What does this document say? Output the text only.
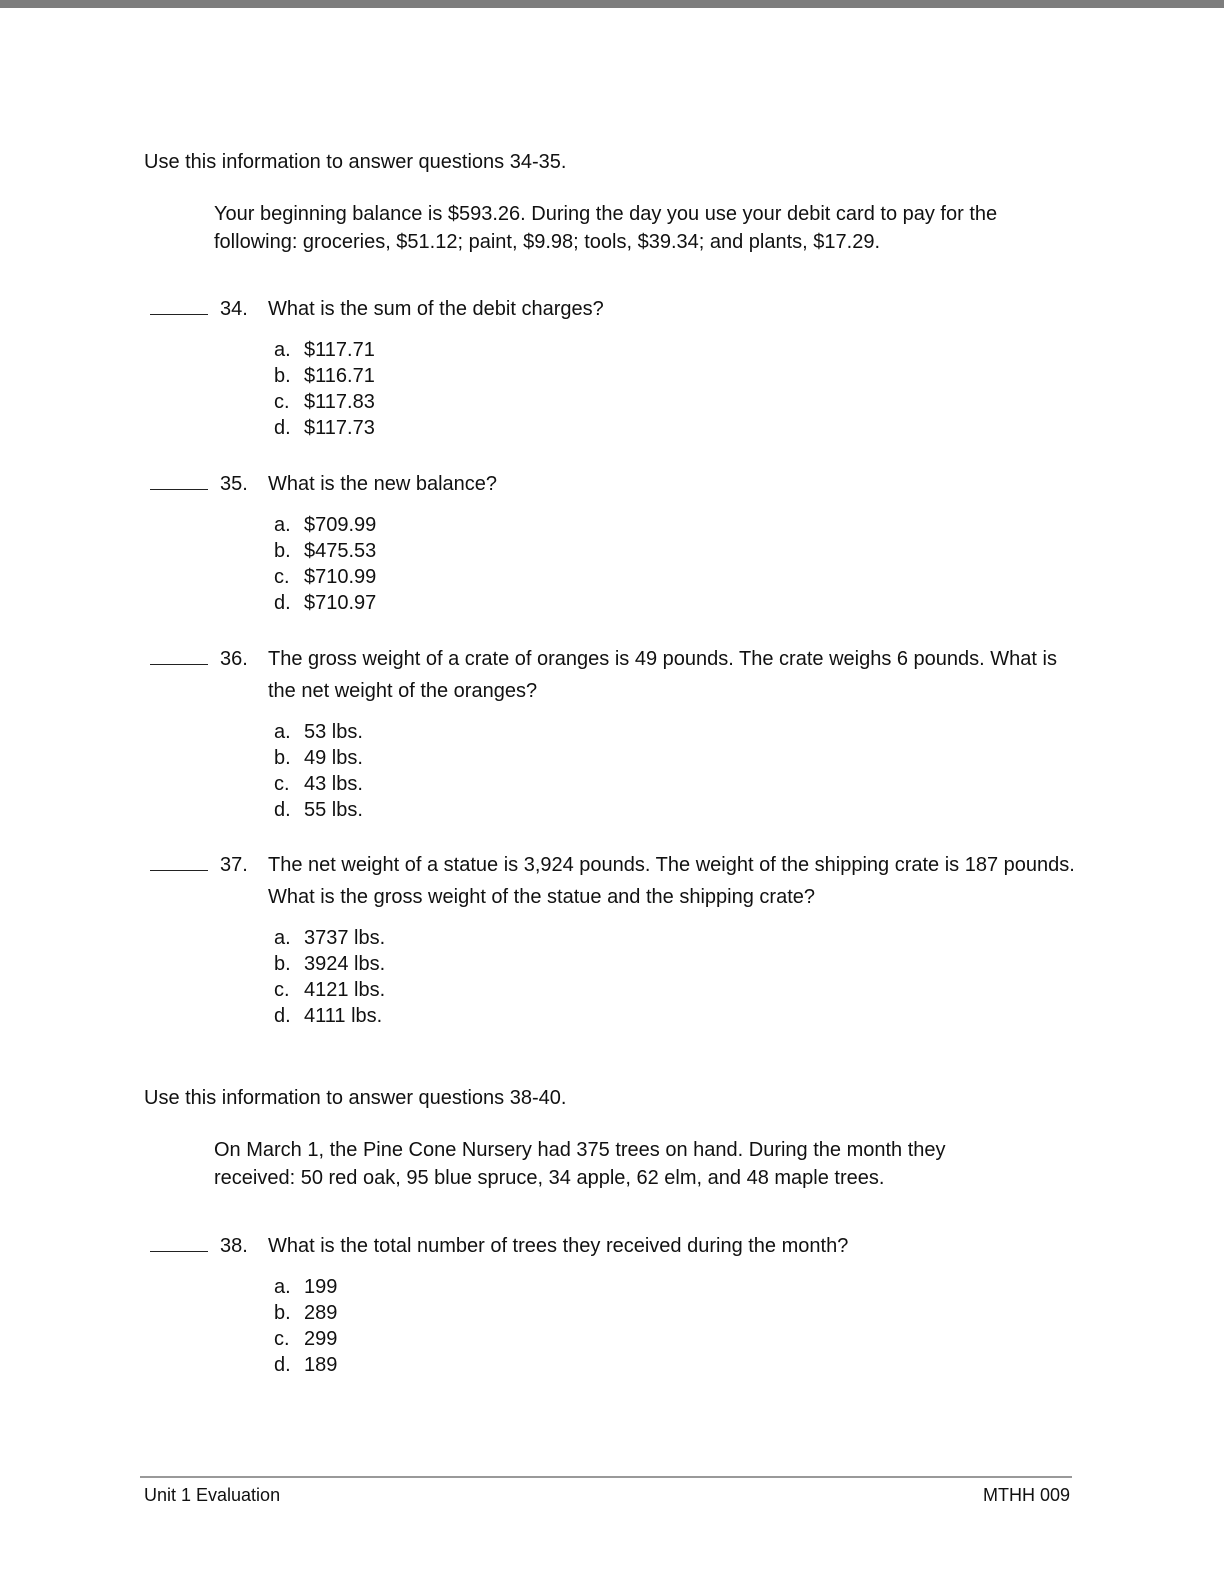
Use this information to answer questions 34-35.
Your beginning balance is $593.26. During the day you use your debit card to pay for the
following: groceries, $51.12; paint, $9.98; tools, $39.34; and plants, $17.29.
34. What is the sum of the debit charges?
a. $117.71
b. $116.71
c. $117.83
d. $117.73
35. What is the new balance?
a. $709.99
b. $475.53
c. $710.99
d. $710.97
36. The gross weight of a crate of oranges is 49 pounds. The crate weighs 6 pounds. What is the net weight of the oranges?
a. 53 lbs.
b. 49 lbs.
c. 43 lbs.
d. 55 lbs.
37. The net weight of a statue is 3,924 pounds. The weight of the shipping crate is 187 pounds. What is the gross weight of the statue and the shipping crate?
a. 3737 lbs.
b. 3924 lbs.
c. 4121 lbs.
d. 4111 lbs.
Use this information to answer questions 38-40.
On March 1, the Pine Cone Nursery had 375 trees on hand. During the month they
received: 50 red oak, 95 blue spruce, 34 apple, 62 elm, and 48 maple trees.
38. What is the total number of trees they received during the month?
a. 199
b. 289
c. 299
d. 189
Unit 1 Evaluation	MTHH 009
